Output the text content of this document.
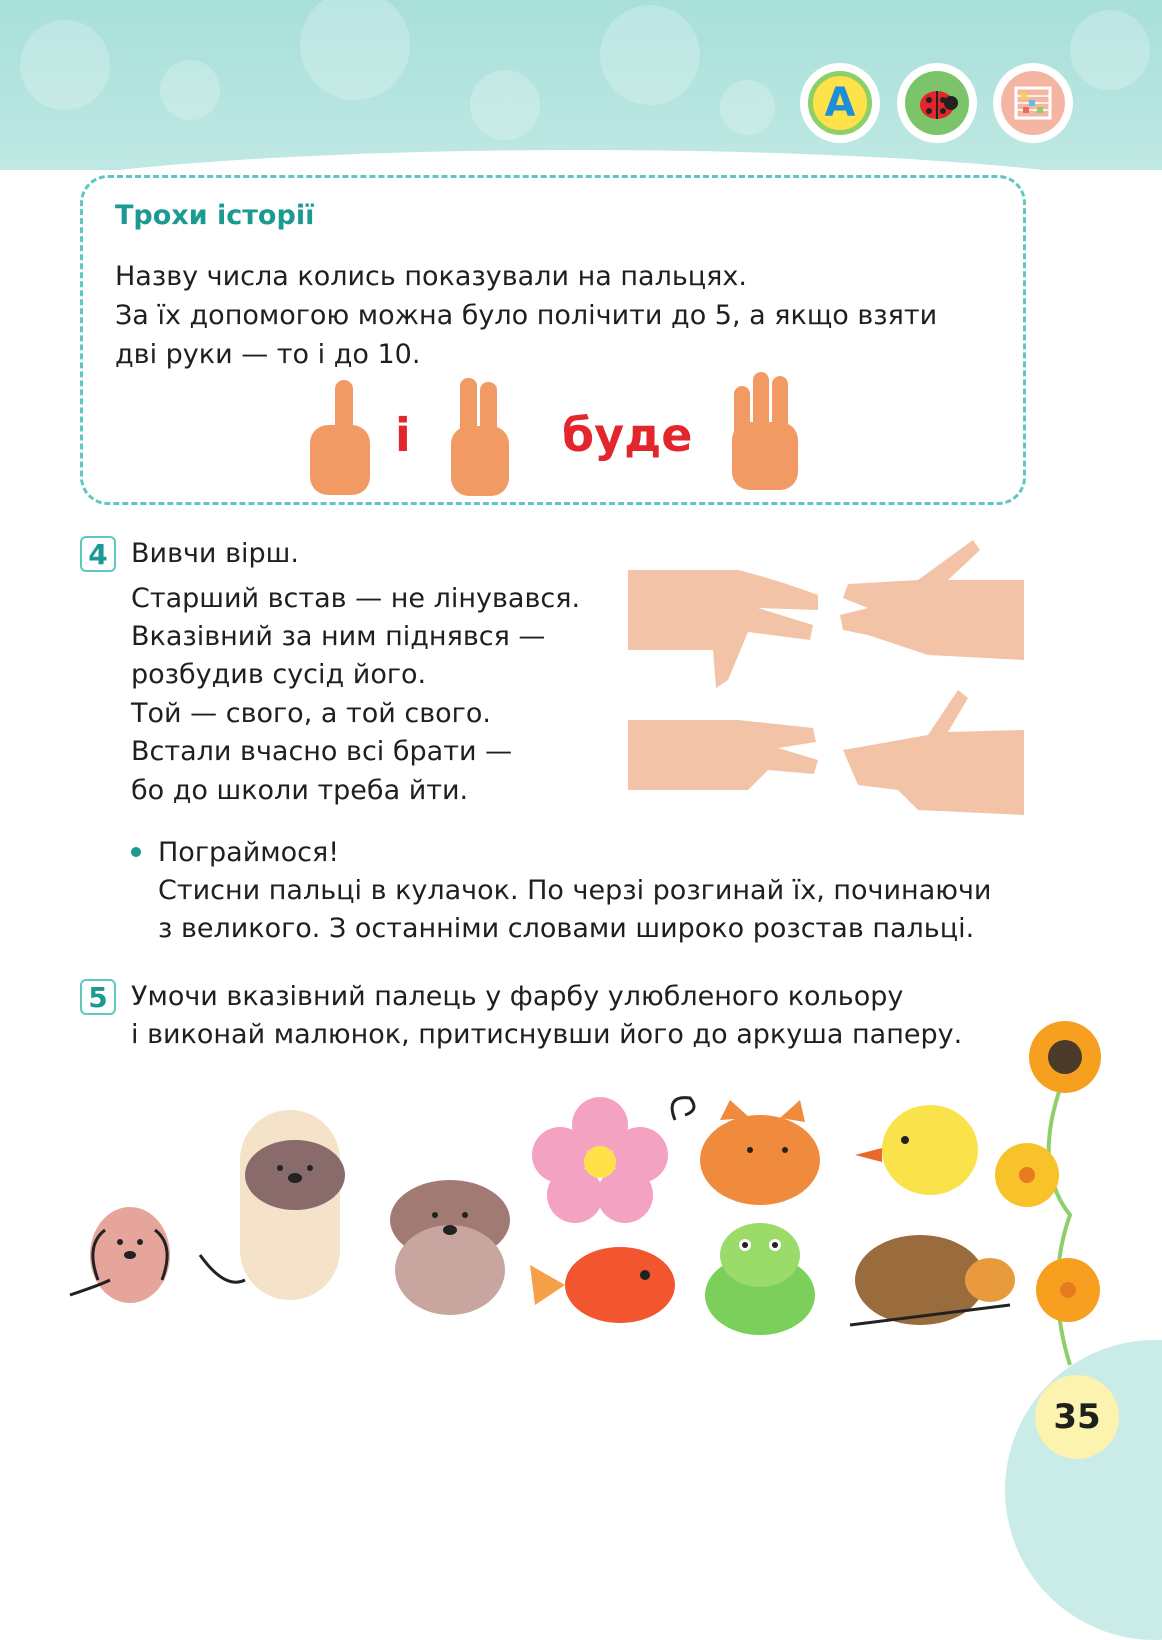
A
Трохи історії
Назву числа колись показували на пальцях.
За їх допомогою можна було полічити до 5, а якщо взяти
дві руки — то і до 10.
і	буде
4 Вивчи вірш.
Старший встав — не лінувався.
Вказівний за ним піднявся —
розбудив сусід його.
Той — свого, а той свого.
Встали вчасно всі брати —
бо до школи треба йти.
Пограймося!
Стисни пальці в кулачок. По черзі розгинай їх, починаючи
з великого. З останніми словами широко розстав пальці.
5 Умочи вказівний палець у фарбу улюбленого кольору
і виконай малюнок, притиснувши його до аркуша паперу.
35
